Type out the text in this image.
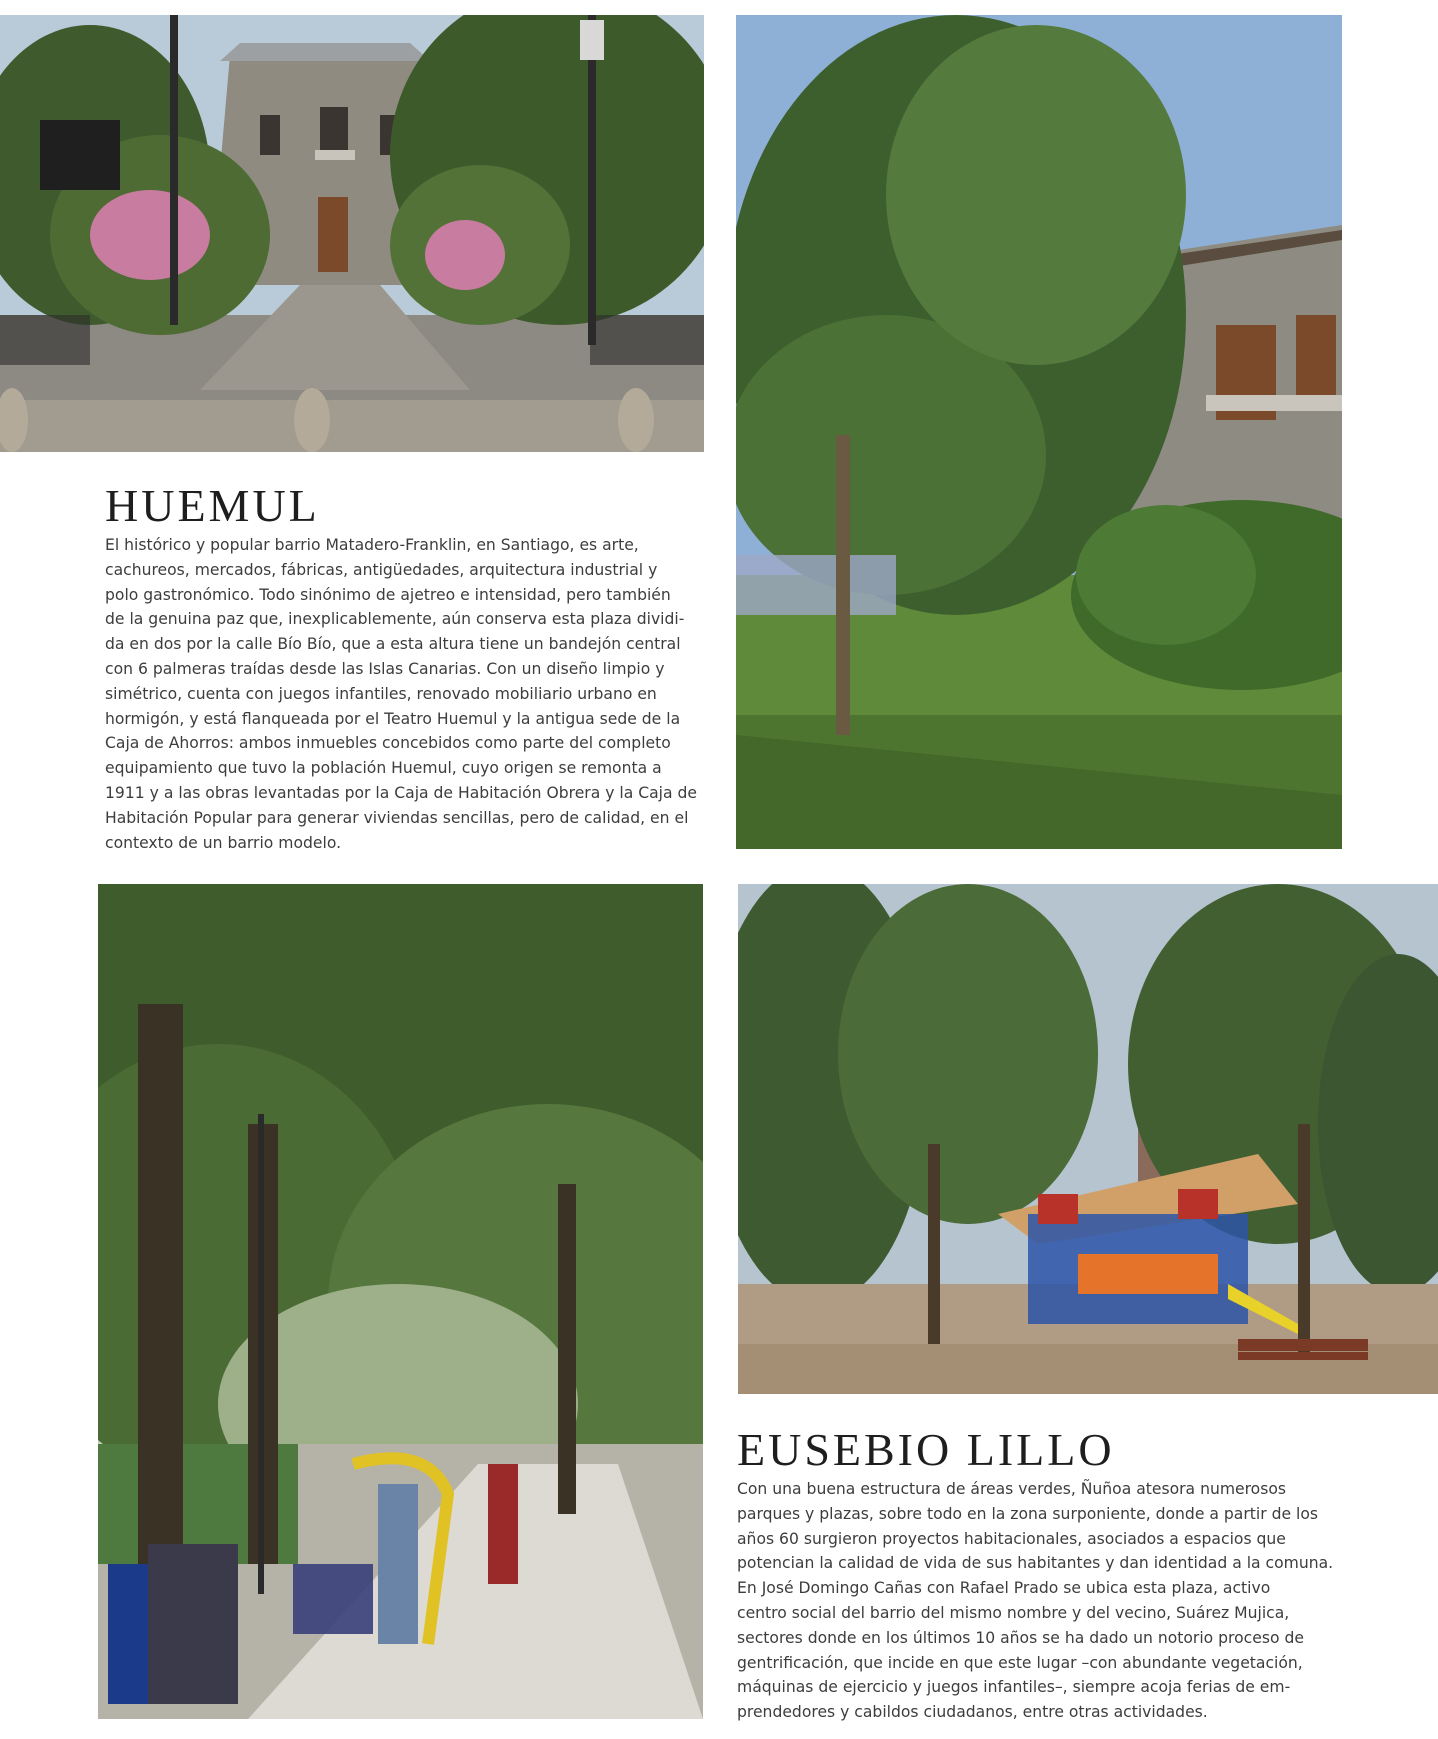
HUEMUL

El histórico y popular barrio Matadero-Franklin, en Santiago, es arte,
cachureos, mercados, fábricas, antigüedades, arquitectura industrial y
polo gastronómico. Todo sinónimo de ajetreo e intensidad, pero también
de la genuina paz que, inexplicablemente, aún conserva esta plaza dividi-
da en dos por la calle Bío Bío, que a esta altura tiene un bandejón central
con 6 palmeras traídas desde las Islas Canarias. Con un diseño limpio y
simétrico, cuenta con juegos infantiles, renovado mobiliario urbano en
hormigón, y está flanqueada por el Teatro Huemul y la antigua sede de la
Caja de Ahorros: ambos inmuebles concebidos como parte del completo
equipamiento que tuvo la población Huemul, cuyo origen se remonta a
1911 y a las obras levantadas por la Caja de Habitación Obrera y la Caja de
Habitación Popular para generar viviendas sencillas, pero de calidad, en el
contexto de un barrio modelo.

EUSEBIO LILLO

Con una buena estructura de áreas verdes, Ñuñoa atesora numerosos
parques y plazas, sobre todo en la zona surponiente, donde a partir de los
años 60 surgieron proyectos habitacionales, asociados a espacios que
potencian la calidad de vida de sus habitantes y dan identidad a la comuna.
En José Domingo Cañas con Rafael Prado se ubica esta plaza, activo
centro social del barrio del mismo nombre y del vecino, Suárez Mujica,
sectores donde en los últimos 10 años se ha dado un notorio proceso de
gentrificación, que incide en que este lugar –con abundante vegetación,
máquinas de ejercicio y juegos infantiles–, siempre acoja ferias de em-
prendedores y cabildos ciudadanos, entre otras actividades.
